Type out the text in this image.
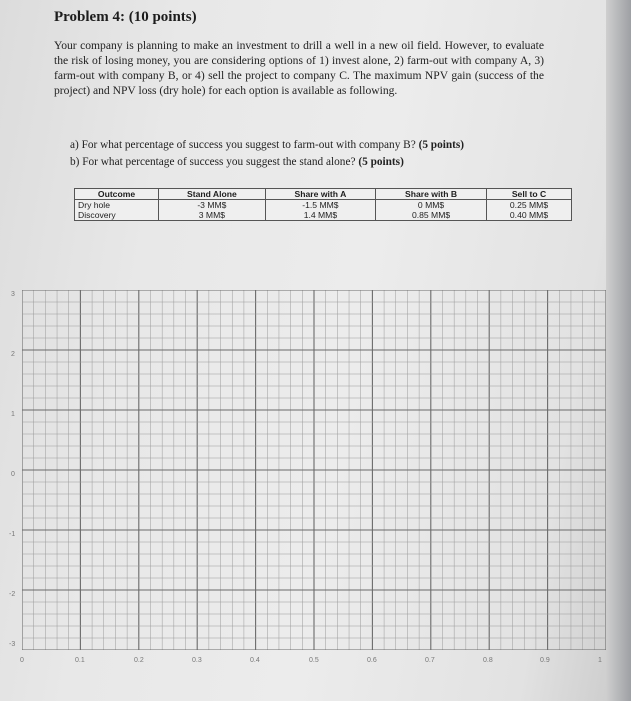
Problem 4: (10 points)
Your company is planning to make an investment to drill a well in a new oil field. However, to evaluate the risk of losing money, you are considering options of 1) invest alone, 2) farm-out with company A, 3) farm-out with company B, or 4) sell the project to company C. The maximum NPV gain (success of the project) and NPV loss (dry hole) for each option is available as following.
a) For what percentage of success you suggest to farm-out with company B? (5 points)
b) For what percentage of success you suggest the stand alone? (5 points)
Outcome	Stand Alone	Share with A	Share with B	Sell to C
Dry hole	-3 MM$	-1.5 MM$	0 MM$	0.25 MM$
Discovery	3 MM$	1.4 MM$	0.85 MM$	0.40 MM$
3
2
1
0
-1
-2
-3
0	0.1	0.2	0.3	0.4	0.5	0.6	0.7	0.8	0.9	1
